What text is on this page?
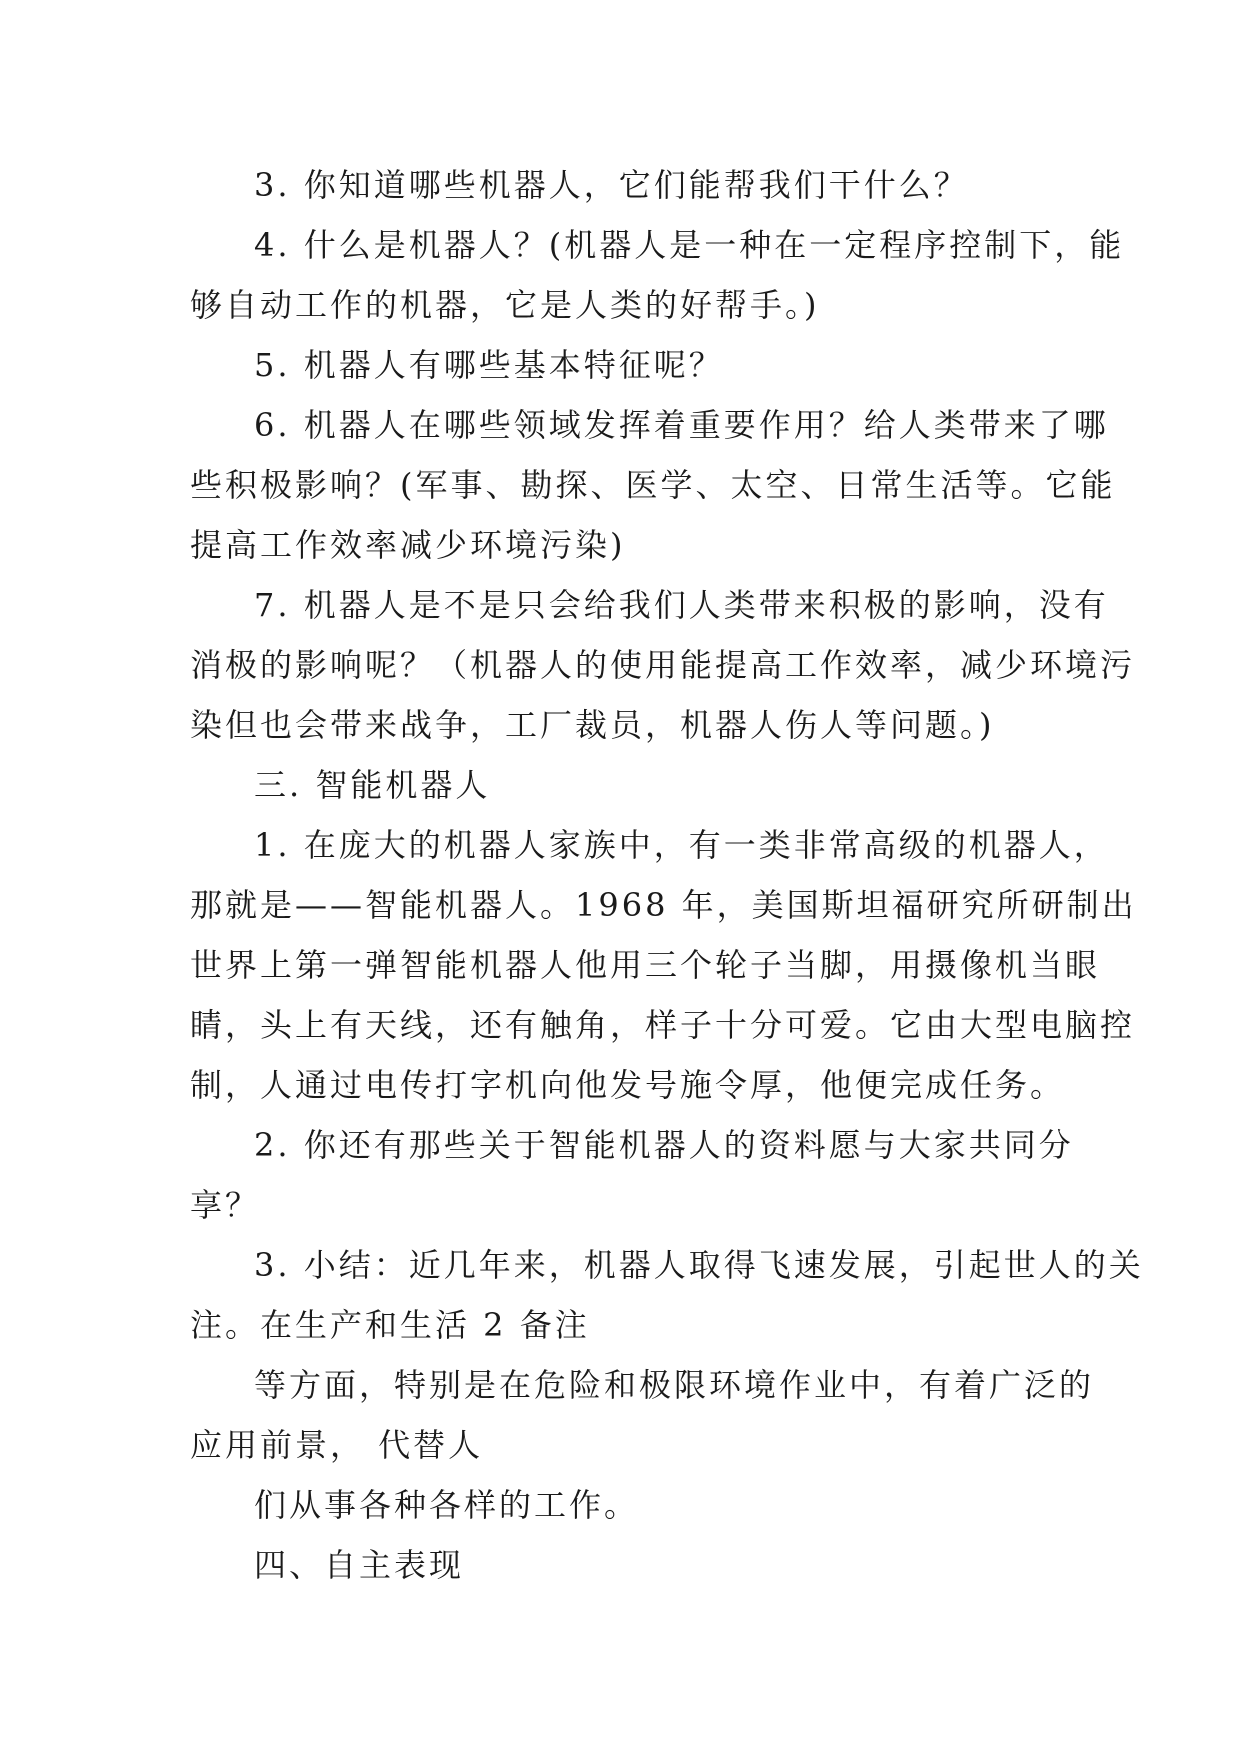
3. 你知道哪些机器人，它们能帮我们干什么？
4. 什么是机器人？(机器人是一种在一定程序控制下，能
够自动工作的机器，它是人类的好帮手。)
5. 机器人有哪些基本特征呢？
6. 机器人在哪些领域发挥着重要作用？给人类带来了哪
些积极影响？(军事、勘探、医学、太空、日常生活等。它能
提高工作效率减少环境污染)
7. 机器人是不是只会给我们人类带来积极的影响，没有
消极的影响呢？（机器人的使用能提高工作效率，减少环境污
染但也会带来战争，工厂裁员，机器人伤人等问题。)
三. 智能机器人
1. 在庞大的机器人家族中，有一类非常高级的机器人，
那就是——智能机器人。1968 年，美国斯坦福研究所研制出
世界上第一弹智能机器人他用三个轮子当脚，用摄像机当眼
睛，头上有天线，还有触角，样子十分可爱。它由大型电脑控
制，人通过电传打字机向他发号施令厚，他便完成任务。
2. 你还有那些关于智能机器人的资料愿与大家共同分
享？
3. 小结：近几年来，机器人取得飞速发展，引起世人的关
注。在生产和生活 2 备注
等方面，特别是在危险和极限环境作业中，有着广泛的
应用前景， 代替人
们从事各种各样的工作。
四、自主表现
